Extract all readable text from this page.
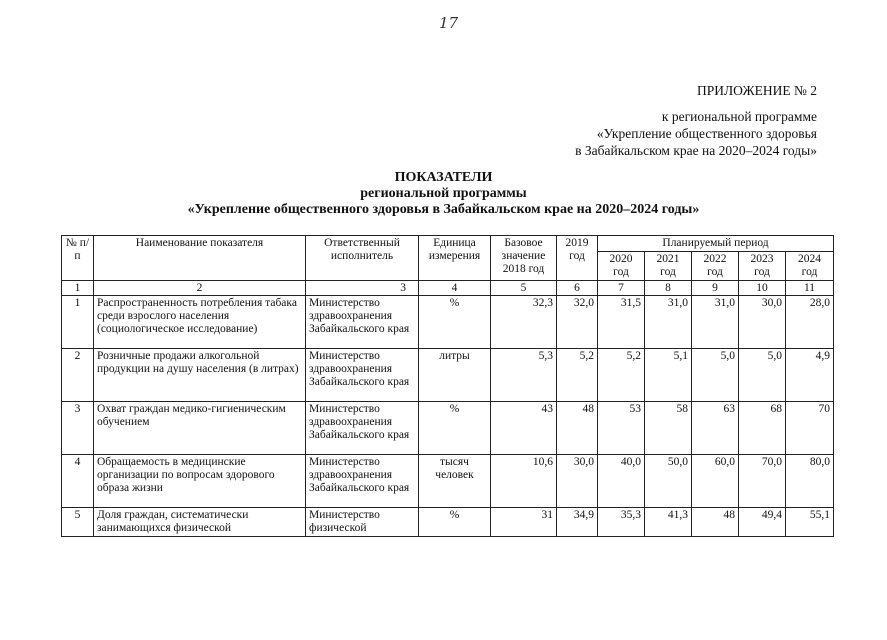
17
ПРИЛОЖЕНИЕ № 2
к региональной программе
«Укрепление общественного здоровья
в Забайкальском крае на 2020–2024 годы»
ПОКАЗАТЕЛИ
региональной программы
«Укрепление общественного здоровья в Забайкальском крае на 2020–2024 годы»
№ п/п	Наименование показателя	Ответственный исполнитель	Единица измерения	Базовое значение 2018 год	2019 год	Планируемый период				
						2020 год	2021 год	2022 год	2023 год	2024 год
1	2	3	4	5	6	7	8	9	10	11
1	Распространенность потребления табака среди взрослого населения (социологическое исследование)	Министерство здравоохранения Забайкальского края	%	32,3	32,0	31,5	31,0	31,0	30,0	28,0
2	Розничные продажи алкогольной продукции на душу населения (в литрах)	Министерство здравоохранения Забайкальского края	литры	5,3	5,2	5,2	5,1	5,0	5,0	4,9
3	Охват граждан медико-гигиеническим обучением	Министерство здравоохранения Забайкальского края	%	43	48	53	58	63	68	70
4	Обращаемость в медицинские организации по вопросам здорового образа жизни	Министерство здравоохранения Забайкальского края	тысяч человек	10,6	30,0	40,0	50,0	60,0	70,0	80,0
5	Доля граждан, систематически занимающихся физической	Министерство физической	%	31	34,9	35,3	41,3	48	49,4	55,1
